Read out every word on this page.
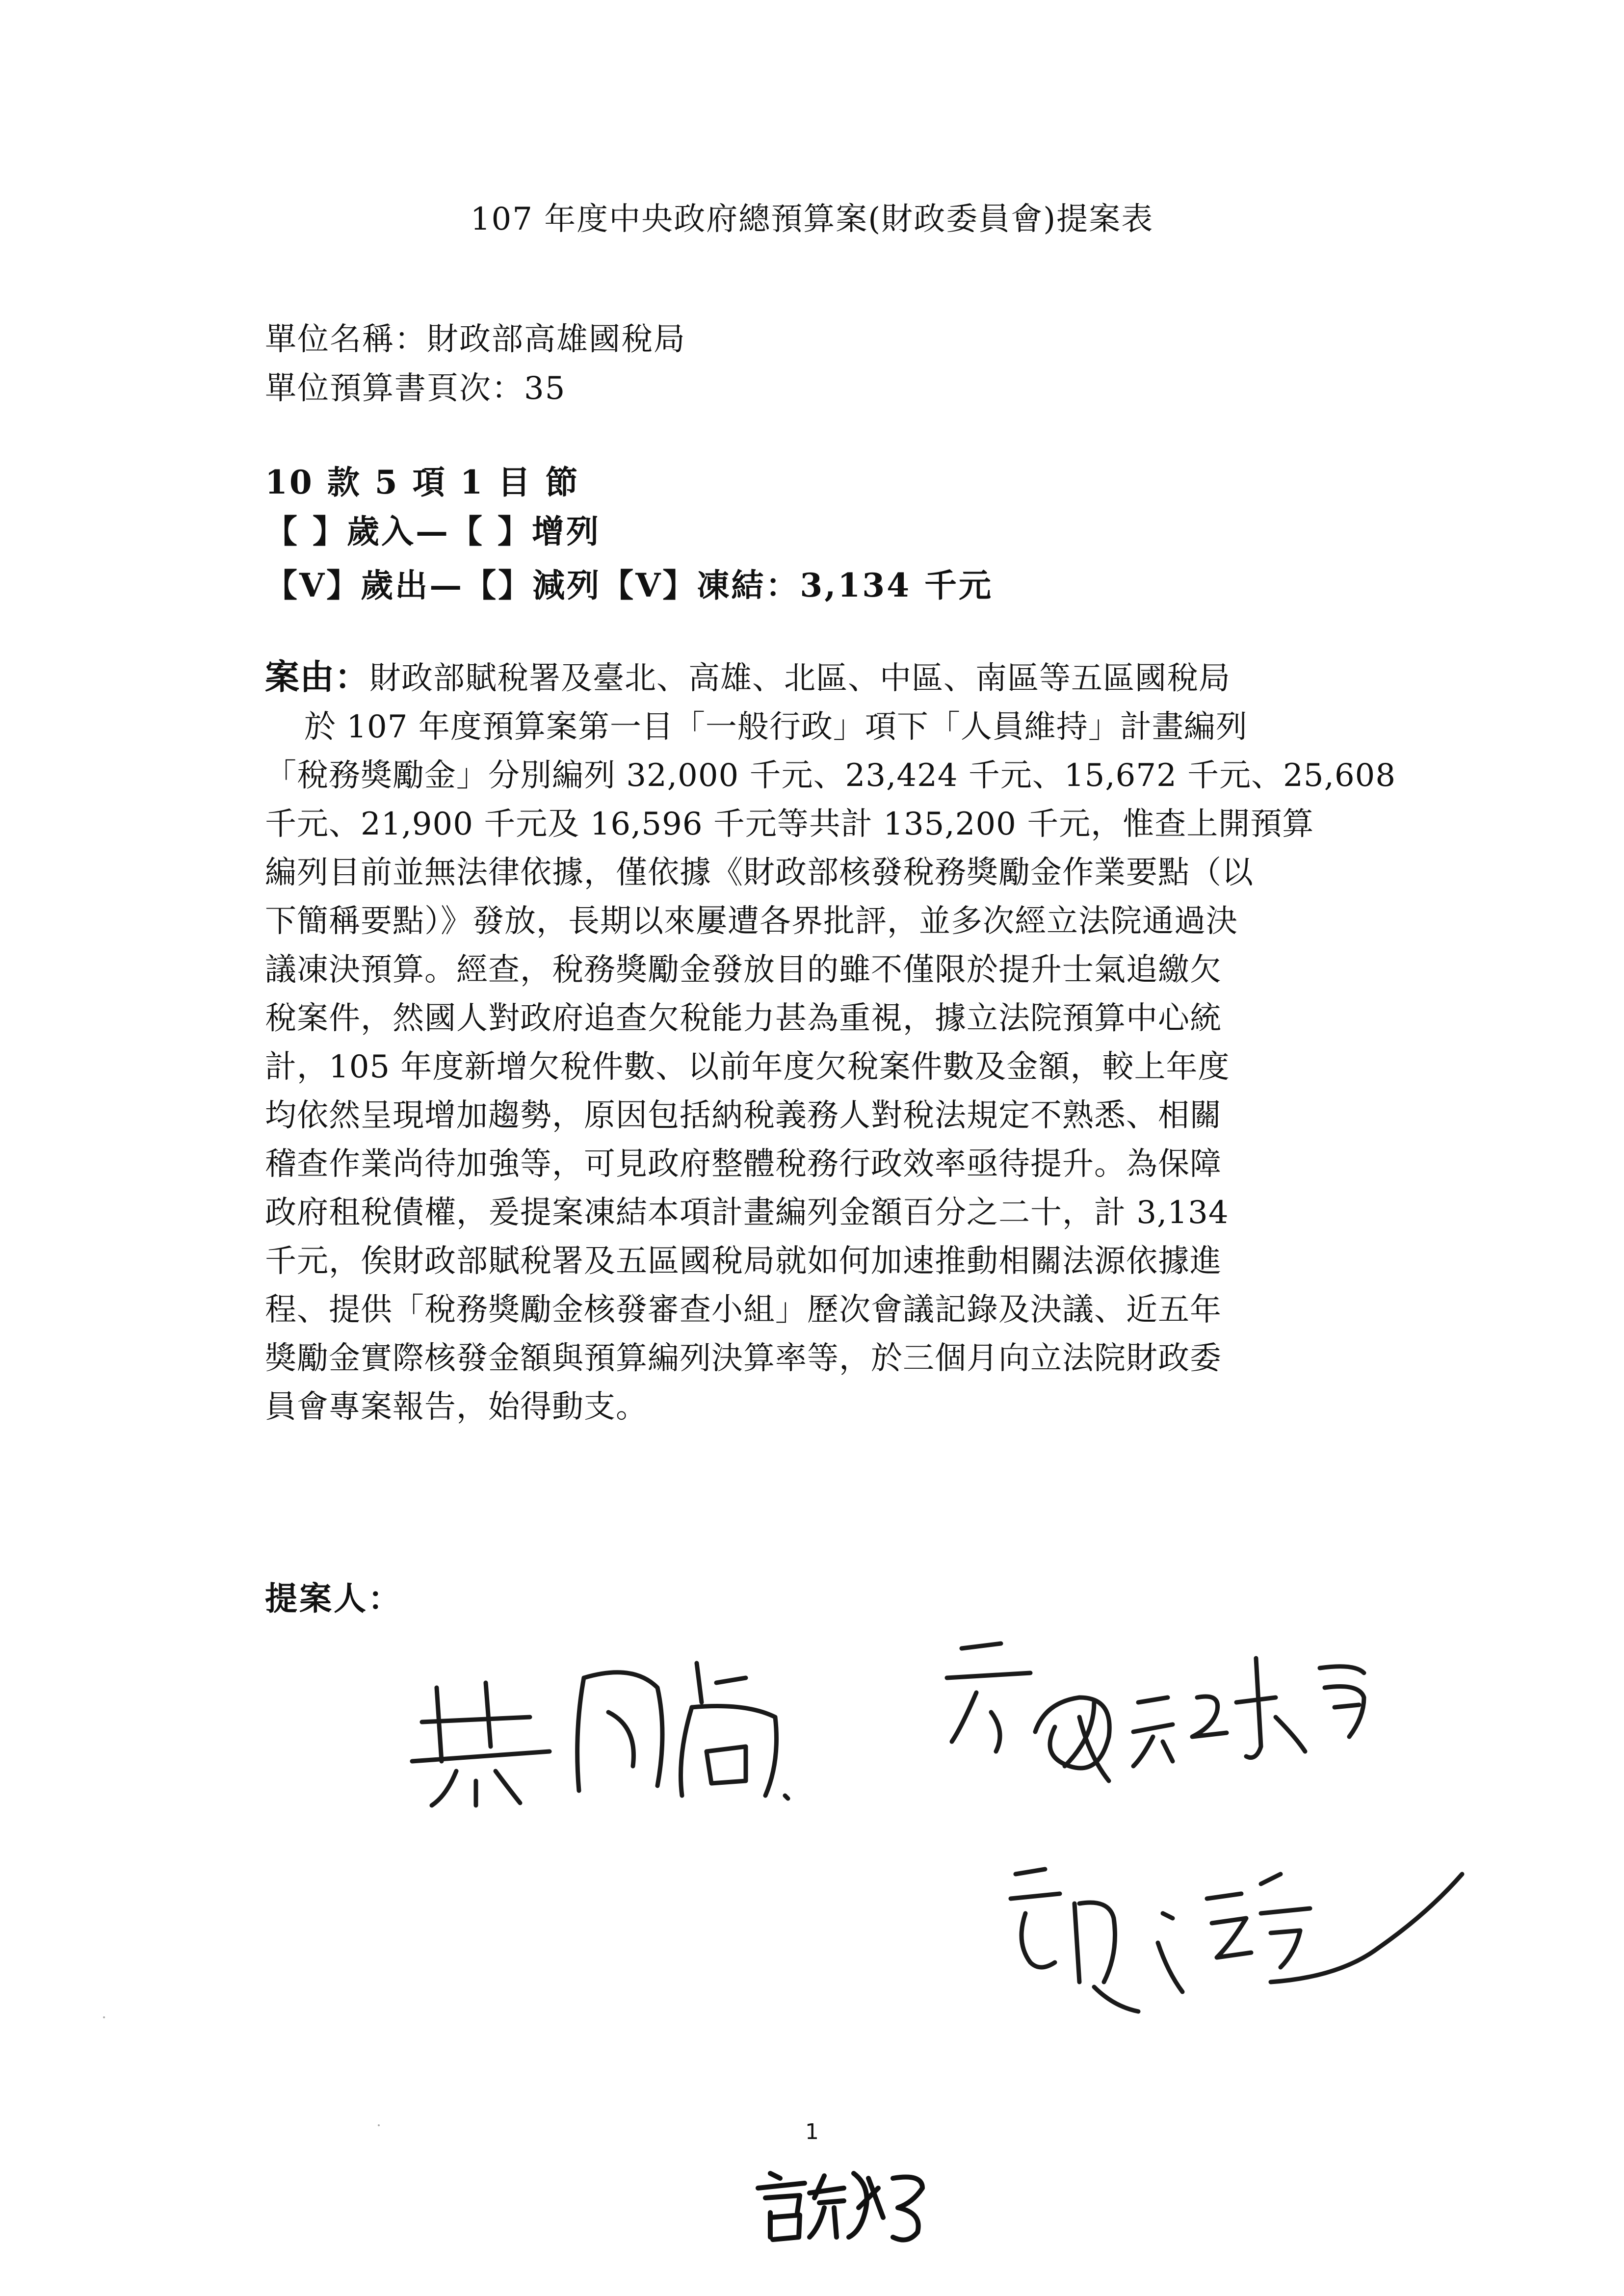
107 年度中央政府總預算案(財政委員會)提案表
單位名稱：財政部高雄國稅局
單位預算書頁次：35
10 款 5 項 1 目 節
【 】歲入—【 】增列
【V】歲出—【】減列【V】凍結：3,134 千元
案由：財政部賦稅署及臺北、高雄、北區、中區、南區等五區國稅局
於 107 年度預算案第一目「一般行政」項下「人員維持」計畫編列
「稅務獎勵金」分別編列 32,000 千元、23,424 千元、15,672 千元、25,608
千元、21,900 千元及 16,596 千元等共計 135,200 千元，惟查上開預算
編列目前並無法律依據，僅依據《財政部核發稅務獎勵金作業要點（以
下簡稱要點）》發放，長期以來屢遭各界批評，並多次經立法院通過決
議凍決預算。經查，稅務獎勵金發放目的雖不僅限於提升士氣追繳欠
稅案件，然國人對政府追查欠稅能力甚為重視，據立法院預算中心統
計，105 年度新增欠稅件數、以前年度欠稅案件數及金額，較上年度
均依然呈現增加趨勢，原因包括納稅義務人對稅法規定不熟悉、相關
稽查作業尚待加強等，可見政府整體稅務行政效率亟待提升。為保障
政府租稅債權，爰提案凍結本項計畫編列金額百分之二十，計 3,134
千元，俟財政部賦稅署及五區國稅局就如何加速推動相關法源依據進
程、提供「稅務獎勵金核發審查小組」歷次會議記錄及決議、近五年
獎勵金實際核發金額與預算編列決算率等，於三個月向立法院財政委
員會專案報告，始得動支。
提案人：
1
